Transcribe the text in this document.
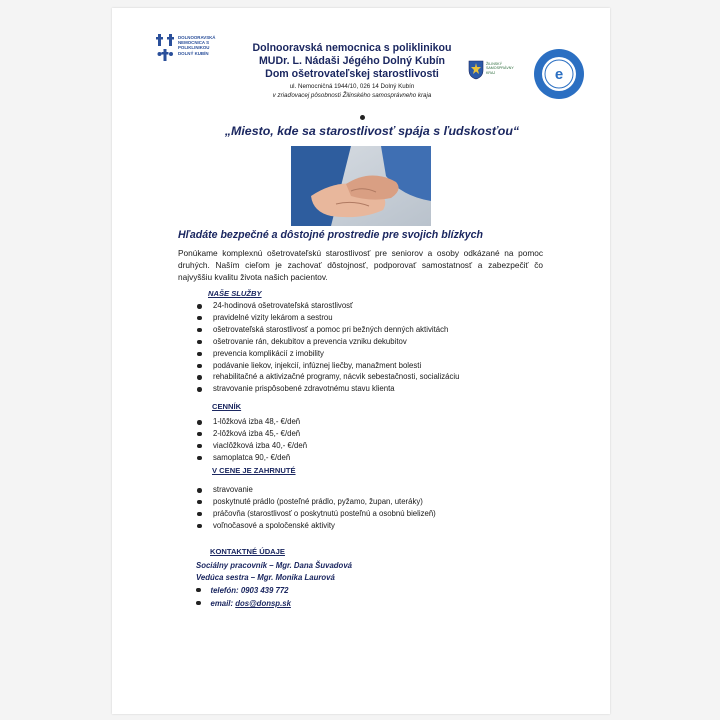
DOLNOORAVSKÁ NEMOCNICA S POLIKLINIKOU DOLNÝ KUBÍN	Dolnooravská nemocnica s poliklinikou
MUDr. L. Nádaši Jégého Dolný Kubín
Dom ošetrovateľskej starostlivosti
ul. Nemocničná 1944/10, 026 14 Dolný Kubín
v zriaďovacej pôsobnosti Žilinského samosprávneho kraja
ŽILINSKÝ SAMOSPRÁVNY KRAJ	e
„Miesto, kde sa starostlivosť spája s ľudskosťou“
Hľadáte bezpečné a dôstojné prostredie pre svojich blízkych
Ponúkame komplexnú ošetrovateľskú starostlivosť pre seniorov a osoby odkázané na pomoc druhých. Naším cieľom je zachovať dôstojnosť, podporovať samostatnosť a zabezpečiť čo najvyššiu kvalitu života našich pacientov.
NAŠE SLUŽBY
24-hodinová ošetrovateľská starostlivosť
pravidelné vizity lekárom a sestrou
ošetrovateľská starostlivosť a pomoc pri bežných denných aktivitách
ošetrovanie rán, dekubitov a prevencia vzniku dekubitov
prevencia komplikácií z imobility
podávanie liekov, injekcií, infúznej liečby, manažment bolesti
rehabilitačné a aktivizačné programy, nácvik sebestačnosti, socializáciu
stravovanie prispôsobené zdravotnému stavu klienta
CENNÍK
1-lôžková izba 48,- €/deň
2-lôžková izba 45,- €/deň
viaclôžková izba 40,- €/deň
samoplatca 90,- €/deň
V CENE JE ZAHRNUTÉ
stravovanie
poskytnuté prádlo (posteľné prádlo, pyžamo, župan, uteráky)
práčovňa (starostlivosť o poskytnutú posteľnú a osobnú bielizeň)
voľnočasové a spoločenské aktivity
KONTAKTNÉ ÚDAJE
Sociálny pracovník – Mgr. Dana Šuvadová
Vedúca sestra – Mgr. Monika Laurová
telefón: 0903 439 772
email: dos@donsp.sk
